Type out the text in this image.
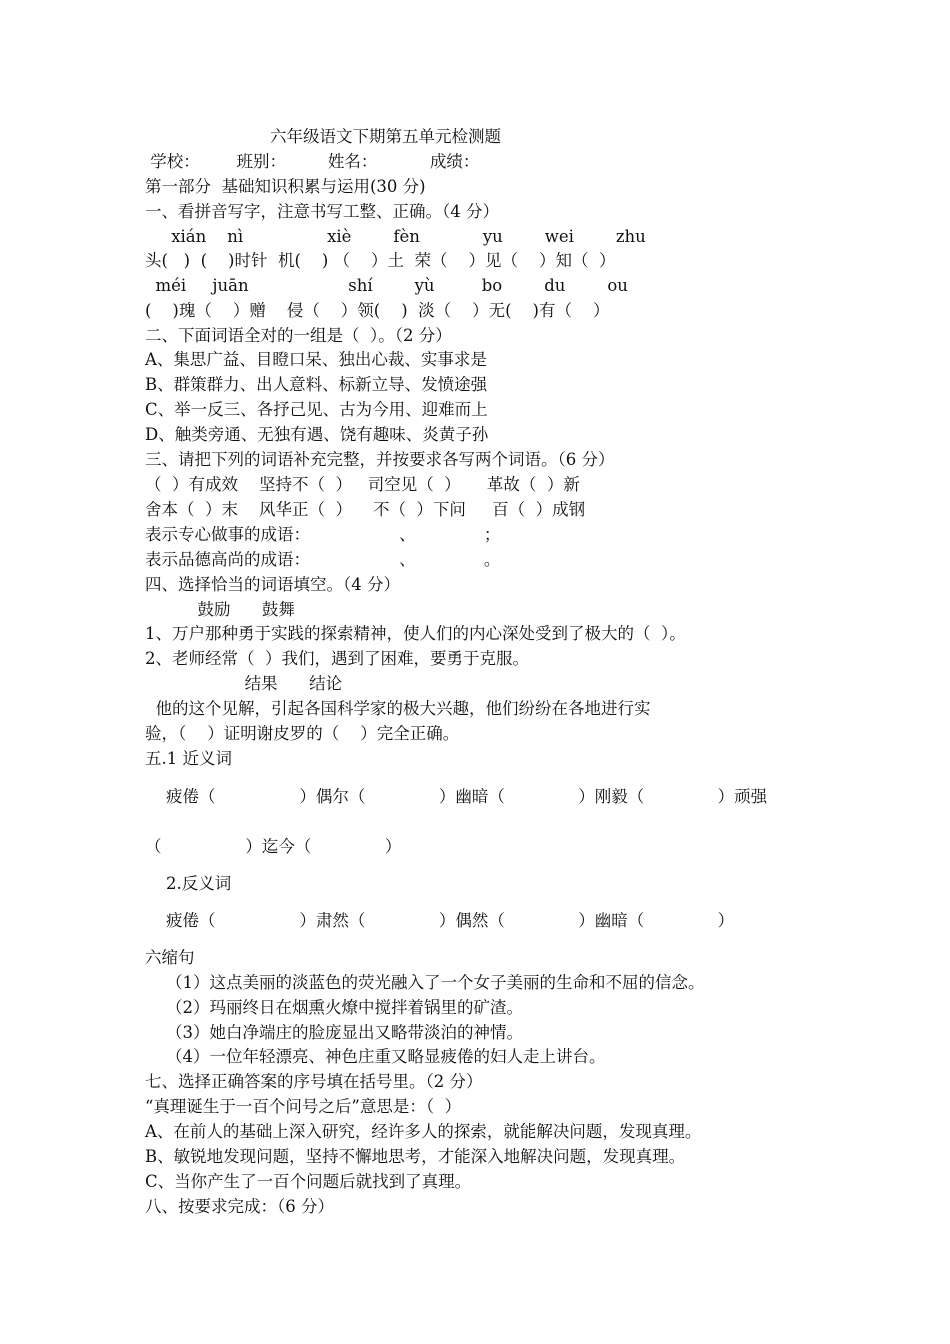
六年级语文下期第五单元检测题
学校：       班别：        姓名：          成绩：
第一部分  基础知识积累与运用(30 分)
一、看拼音写字，注意书写工整、正确。（4 分）
xián    nì                xiè        fèn            yu        wei        zhu
头(   )  (    )时针  机(    ) （    ）土  荣（    ）见（    ）知（  ）
méi     juān                   shí        yù         bo        du        ou
(    )瑰（    ）赠    侵（    ）领(    )  淡（    ）无(    )有（    ）
二、下面词语全对的一组是（  ）。（2 分）
A、集思广益、目瞪口呆、独出心裁、实事求是
B、群策群力、出人意料、标新立导、发愤途强
C、举一反三、各抒己见、古为今用、迎难而上
D、触类旁通、无独有遇、饶有趣味、炎黄子孙
三、请把下列的词语补充完整，并按要求各写两个词语。（6 分）
（  ）有成效    坚持不（  ）   司空见（  ）     革故（  ）新
舍本（  ）末    风华正（  ）    不（  ）下问     百（  ）成钢
表示专心做事的成语：                 、             ；
表示品德高尚的成语：                 、             。
四、选择恰当的词语填空。（4 分）
鼓励      鼓舞
1、万户那种勇于实践的探索精神，使人们的内心深处受到了极大的（  ）。
2、老师经常（  ）我们，遇到了困难，要勇于克服。
结果      结论
他的这个见解，引起各国科学家的极大兴趣，他们纷纷在各地进行实
验，（    ）证明谢皮罗的（    ）完全正确。
五.1 近义词
疲倦（                ）偶尔（              ）幽暗（              ）刚毅（              ）顽强
（                ）迄今（              ）
2.反义词
疲倦（                ）肃然（              ）偶然（              ）幽暗（              ）
六缩句
（1）这点美丽的淡蓝色的荧光融入了一个女子美丽的生命和不屈的信念。
（2）玛丽终日在烟熏火燎中搅拌着锅里的矿渣。
（3）她白净端庄的脸庞显出又略带淡泊的神情。
（4）一位年轻漂亮、神色庄重又略显疲倦的妇人走上讲台。
七、选择正确答案的序号填在括号里。（2 分）
“真理诞生于一百个问号之后”意思是：（  ）
A、在前人的基础上深入研究，经许多人的探索，就能解决问题，发现真理。
B、敏锐地发现问题，坚持不懈地思考，才能深入地解决问题，发现真理。
C、当你产生了一百个问题后就找到了真理。
八、按要求完成：（6 分）
